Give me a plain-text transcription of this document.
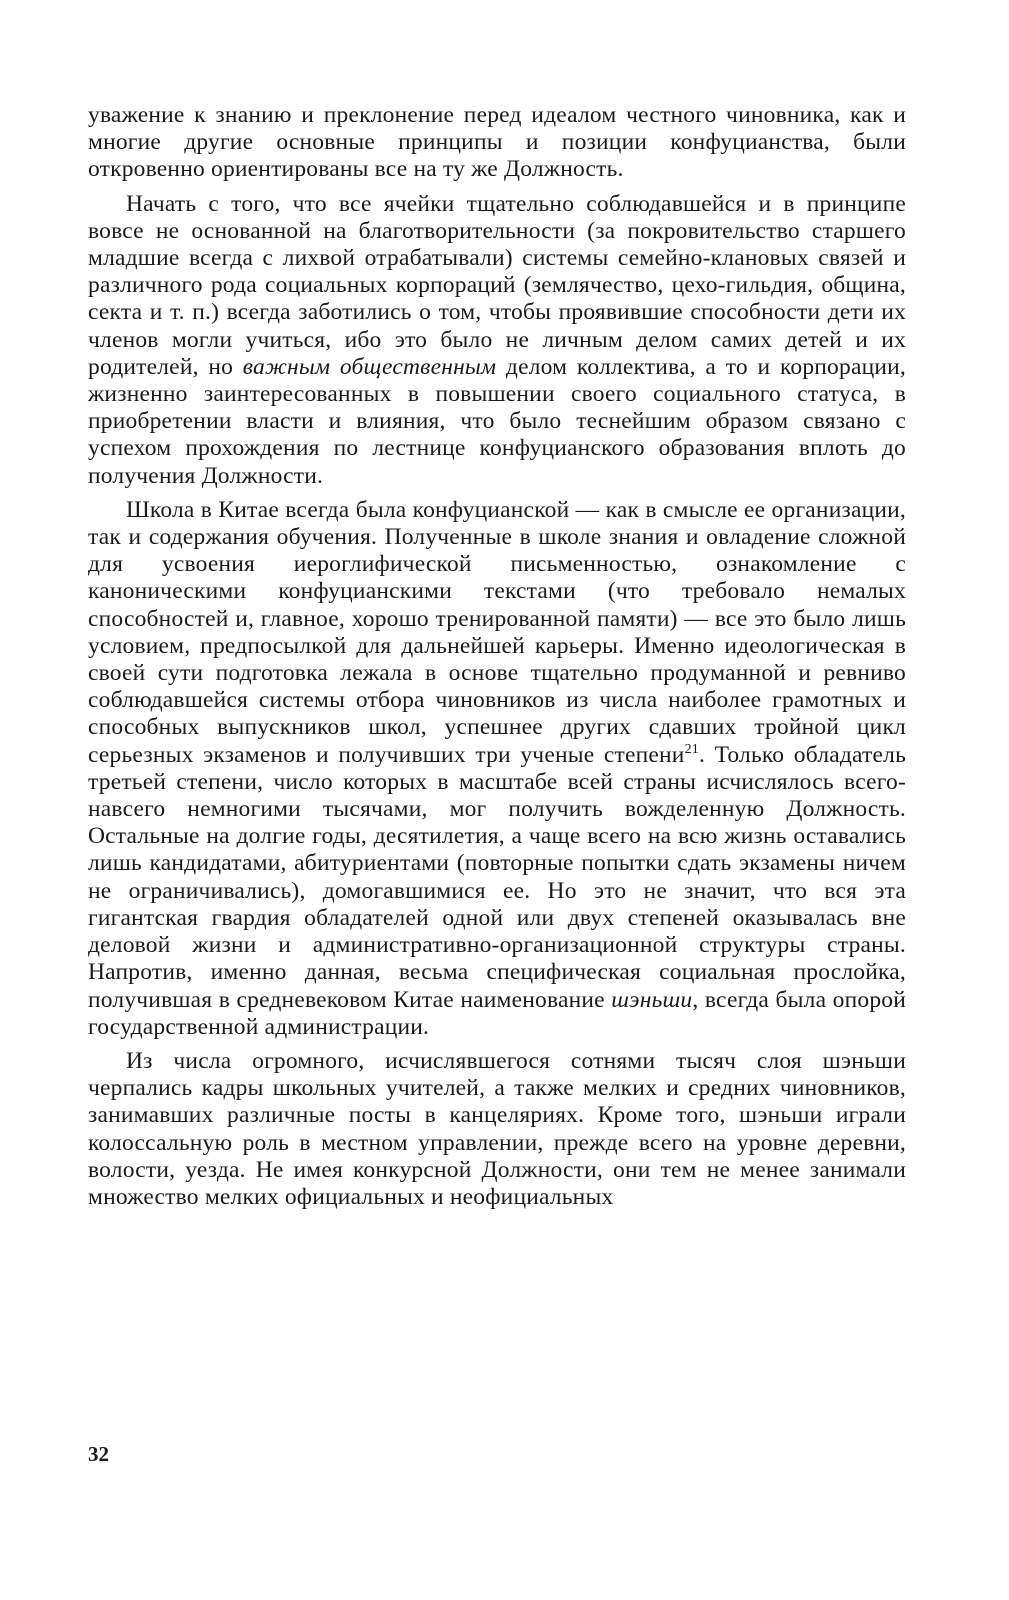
уважение к знанию и преклонение перед идеалом честного чиновника, как и многие другие основные принципы и позиции конфуцианства, были откровенно ориентированы все на ту же Должность.

Начать с того, что все ячейки тщательно соблюдавшейся и в принципе вовсе не основанной на благотворительности (за покровительство старшего младшие всегда с лихвой отрабатывали) системы семейно-клановых связей и различного рода социальных корпораций (землячество, цехо-гильдия, община, секта и т. п.) всегда заботились о том, чтобы проявившие способности дети их членов могли учиться, ибо это было не личным делом самих детей и их родителей, но важным общественным делом коллектива, а то и корпорации, жизненно заинтересованных в повышении своего социального статуса, в приобретении власти и влияния, что было теснейшим образом связано с успехом прохождения по лестнице конфуцианского образования вплоть до получения Должности.

Школа в Китае всегда была конфуцианской — как в смысле ее организации, так и содержания обучения. Полученные в школе знания и овладение сложной для усвоения иероглифической письменностью, ознакомление с каноническими конфуцианскими текстами (что требовало немалых способностей и, главное, хорошо тренированной памяти) — все это было лишь условием, предпосылкой для дальнейшей карьеры. Именно идеологическая в своей сути подготовка лежала в основе тщательно продуманной и ревниво соблюдавшейся системы отбора чиновников из числа наиболее грамотных и способных выпускников школ, успешнее других сдавших тройной цикл серьезных экзаменов и получивших три ученые степени$^{21}$. Только обладатель третьей степени, число которых в масштабе всей страны исчислялось всего-навсего немногими тысячами, мог получить вожделенную Должность. Остальные на долгие годы, десятилетия, а чаще всего на всю жизнь оставались лишь кандидатами, абитуриентами (повторные попытки сдать экзамены ничем не ограничивались), домогавшимися ее. Но это не значит, что вся эта гигантская гвардия обладателей одной или двух степеней оказывалась вне деловой жизни и административно-организационной структуры страны. Напротив, именно данная, весьма специфическая социальная прослойка, получившая в средневековом Китае наименование шэньши, всегда была опорой государственной администрации.

Из числа огромного, исчислявшегося сотнями тысяч слоя шэньши черпались кадры школьных учителей, а также мелких и средних чиновников, занимавших различные посты в канцеляриях. Кроме того, шэньши играли колоссальную роль в местном управлении, прежде всего на уровне деревни, волости, уезда. Не имея конкурсной Должности, они тем не менее занимали множество мелких официальных и неофициальных

32
